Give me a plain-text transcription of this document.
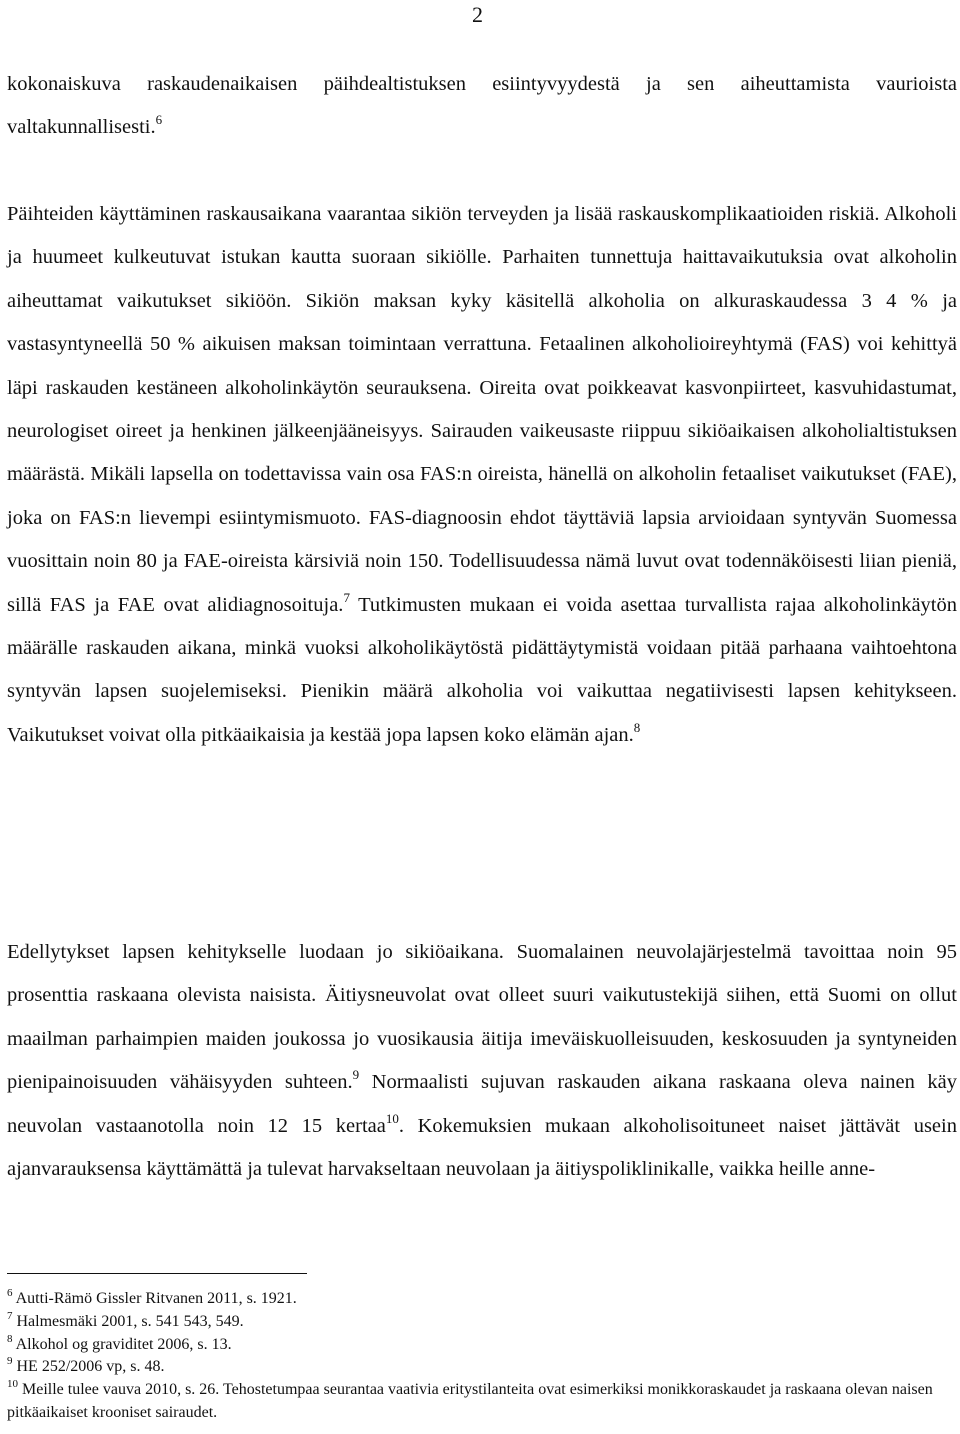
2

kokonaiskuva raskaudenaikaisen päihdealtistuksen esiintyvyydestä ja sen aiheuttamista vaurioista valtakunnallisesti.$^6$

Päihteiden käyttäminen raskausaikana vaarantaa sikiön terveyden ja lisää raskauskomplikaatioiden riskiä. Alkoholi ja huumeet kulkeutuvat istukan kautta suoraan sikiölle. Parhaiten tunnettuja haittavaikutuksia ovat alkoholin aiheuttamat vaikutukset sikiöön. Sikiön maksan kyky käsitellä alkoholia on alkuraskaudessa 3 4 % ja vastasyntyneellä 50 % aikuisen maksan toimintaan verrattuna. Fetaalinen alkoholioireyhtymä (FAS) voi kehittyä läpi raskauden kestäneen alkoholinkäytön seurauksena. Oireita ovat poikkeavat kasvonpiirteet, kasvuhidastumat, neurologiset oireet ja henkinen jälkeenjääneisyys. Sairauden vaikeusaste riippuu sikiöaikaisen alkoholialtistuksen määrästä. Mikäli lapsella on todettavissa vain osa FAS:n oireista, hänellä on alkoholin fetaaliset vaikutukset (FAE), joka on FAS:n lievempi esiintymismuoto. FAS-diagnoosin ehdot täyttäviä lapsia arvioidaan syntyvän Suomessa vuosittain noin 80 ja FAE-oireista kärsiviä noin 150. Todellisuudessa nämä luvut ovat todennäköisesti liian pieniä, sillä FAS ja FAE ovat alidiagnosoituja.$^7$ Tutkimusten mukaan ei voida asettaa turvallista rajaa alkoholinkäytön määrälle raskauden aikana, minkä vuoksi alkoholikäytöstä pidättäytymistä voidaan pitää parhaana vaihtoehtona syntyvän lapsen suojelemiseksi. Pienikin määrä alkoholia voi vaikuttaa negatiivisesti lapsen kehitykseen. Vaikutukset voivat olla pitkäaikaisia ja kestää jopa lapsen koko elämän ajan.$^8$

Edellytykset lapsen kehitykselle luodaan jo sikiöaikana. Suomalainen neuvolajärjestelmä tavoittaa noin 95 prosenttia raskaana olevista naisista. Äitiysneuvolat ovat olleet suuri vaikutustekijä siihen, että Suomi on ollut maailman parhaimpien maiden joukossa jo vuosikausia äitija imeväiskuolleisuuden, keskosuuden ja syntyneiden pienipainoisuuden vähäisyyden suhteen.$^9$ Normaalisti sujuvan raskauden aikana raskaana oleva nainen käy neuvolan vastaanotolla noin 12 15 kertaa$^{10}$. Kokemuksien mukaan alkoholisoituneet naiset jättävät usein ajanvarauksensa käyttämättä ja tulevat harvakseltaan neuvolaan ja äitiyspoliklinikalle, vaikka heille anne-

$^6$ Autti-Rämö Gissler Ritvanen 2011, s. 1921.
$^7$ Halmesmäki 2001, s. 541 543, 549.
$^8$ Alkohol og graviditet 2006, s. 13.
$^9$ HE 252/2006 vp, s. 48.
$^{10}$ Meille tulee vauva 2010, s. 26. Tehostetumpaa seurantaa vaativia eritystilanteita ovat esimerkiksi monikkoraskaudet ja raskaana olevan naisen pitkäaikaiset krooniset sairaudet.
